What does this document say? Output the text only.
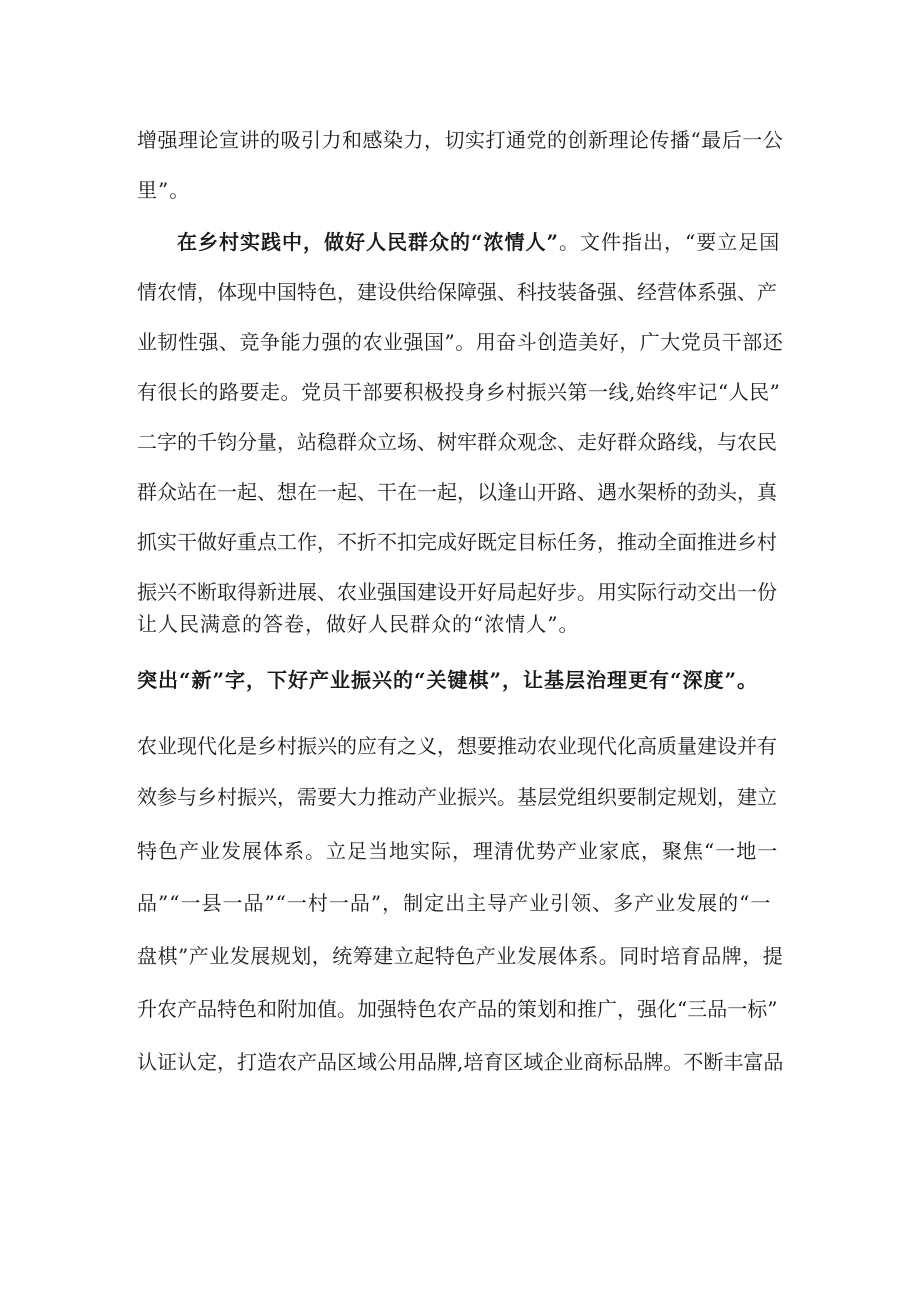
增强理论宣讲的吸引力和感染力，切实打通党的创新理论传播“最后一公
里”。
在乡村实践中，做好人民群众的“浓情人”。文件指出，“要立足国
情农情，体现中国特色，建设供给保障强、科技装备强、经营体系强、产
业韧性强、竞争能力强的农业强国”。用奋斗创造美好，广大党员干部还
有很长的路要走。党员干部要积极投身乡村振兴第一线,始终牢记“人民”
二字的千钧分量，站稳群众立场、树牢群众观念、走好群众路线，与农民
群众站在一起、想在一起、干在一起，以逢山开路、遇水架桥的劲头，真
抓实干做好重点工作，不折不扣完成好既定目标任务，推动全面推进乡村
振兴不断取得新进展、农业强国建设开好局起好步。用实际行动交出一份
让人民满意的答卷，做好人民群众的“浓情人”。
突出“新”字，下好产业振兴的“关键棋”，让基层治理更有“深度”。
农业现代化是乡村振兴的应有之义，想要推动农业现代化高质量建设并有
效参与乡村振兴，需要大力推动产业振兴。基层党组织要制定规划，建立
特色产业发展体系。立足当地实际，理清优势产业家底，聚焦“一地一
品”“一县一品”“一村一品”，制定出主导产业引领、多产业发展的“一
盘棋”产业发展规划，统筹建立起特色产业发展体系。同时培育品牌，提
升农产品特色和附加值。加强特色农产品的策划和推广，强化“三品一标”
认证认定，打造农产品区域公用品牌,培育区域企业商标品牌。不断丰富品
